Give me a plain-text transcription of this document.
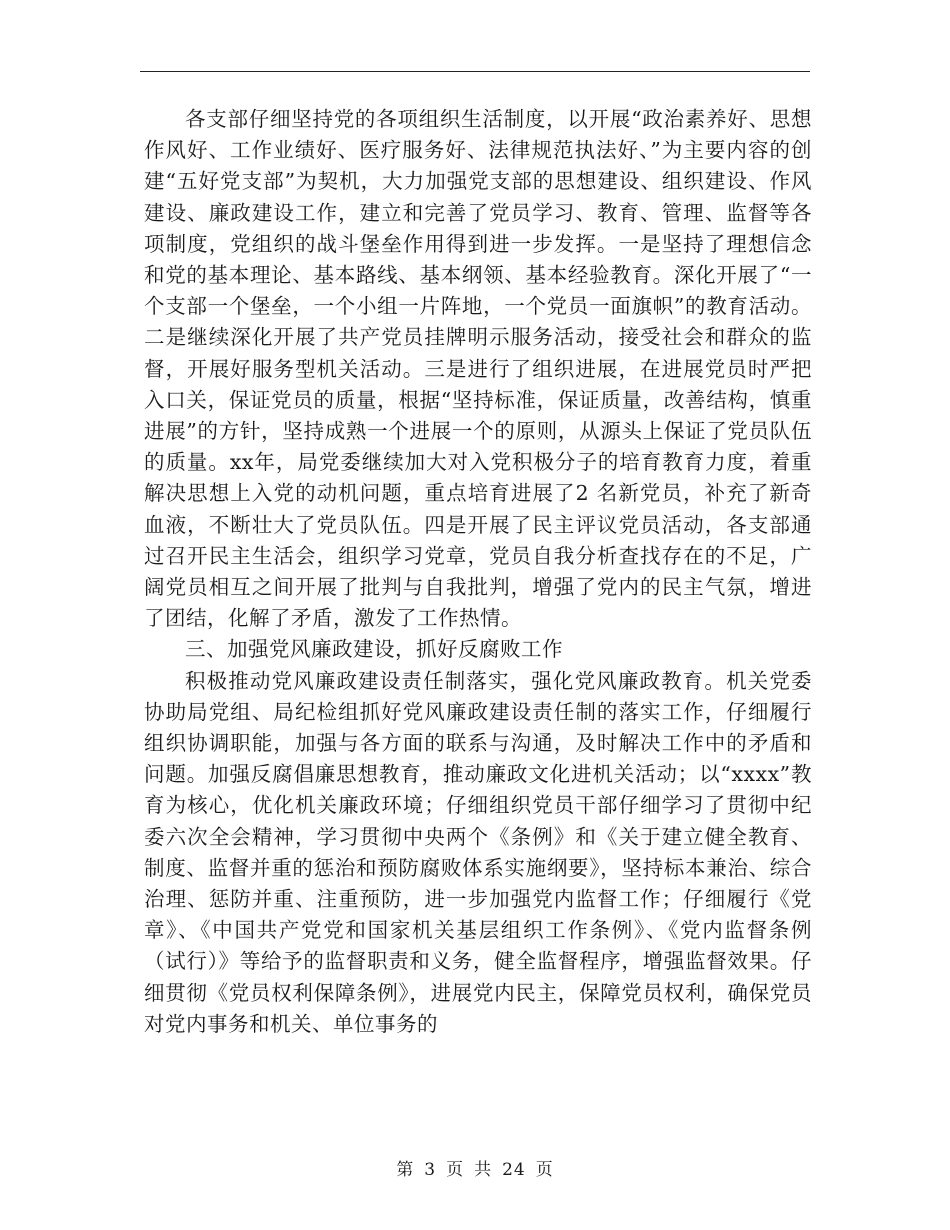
各支部仔细坚持党的各项组织生活制度，以开展“政治素养好、思想作风好、工作业绩好、医疗服务好、法律规范执法好、”为主要内容的创建“五好党支部”为契机，大力加强党支部的思想建设、组织建设、作风建设、廉政建设工作，建立和完善了党员学习、教育、管理、监督等各项制度，党组织的战斗堡垒作用得到进一步发挥。一是坚持了理想信念和党的基本理论、基本路线、基本纲领、基本经验教育。深化开展了“一个支部一个堡垒，一个小组一片阵地，一个党员一面旗帜”的教育活动。二是继续深化开展了共产党员挂牌明示服务活动，接受社会和群众的监督，开展好服务型机关活动。三是进行了组织进展，在进展党员时严把入口关，保证党员的质量，根据“坚持标准，保证质量，改善结构，慎重进展”的方针，坚持成熟一个进展一个的原则，从源头上保证了党员队伍的质量。xx年，局党委继续加大对入党积极分子的培育教育力度，着重解决思想上入党的动机问题，重点培育进展了2 名新党员，补充了新奇血液，不断壮大了党员队伍。四是开展了民主评议党员活动，各支部通过召开民主生活会，组织学习党章，党员自我分析查找存在的不足，广阔党员相互之间开展了批判与自我批判，增强了党内的民主气氛，增进了团结，化解了矛盾，激发了工作热情。

三、加强党风廉政建设，抓好反腐败工作

积极推动党风廉政建设责任制落实，强化党风廉政教育。机关党委协助局党组、局纪检组抓好党风廉政建设责任制的落实工作，仔细履行组织协调职能，加强与各方面的联系与沟通，及时解决工作中的矛盾和问题。加强反腐倡廉思想教育，推动廉政文化进机关活动；以“xxxx”教育为核心，优化机关廉政环境；仔细组织党员干部仔细学习了贯彻中纪委六次全会精神，学习贯彻中央两个《条例》和《关于建立健全教育、制度、监督并重的惩治和预防腐败体系实施纲要》，坚持标本兼治、综合治理、惩防并重、注重预防，进一步加强党内监督工作；仔细履行《党章》、《中国共产党党和国家机关基层组织工作条例》、《党内监督条例（试行）》等给予的监督职责和义务，健全监督程序，增强监督效果。仔细贯彻《党员权利保障条例》，进展党内民主，保障党员权利，确保党员对党内事务和机关、单位事务的

第 3 页 共 24 页
